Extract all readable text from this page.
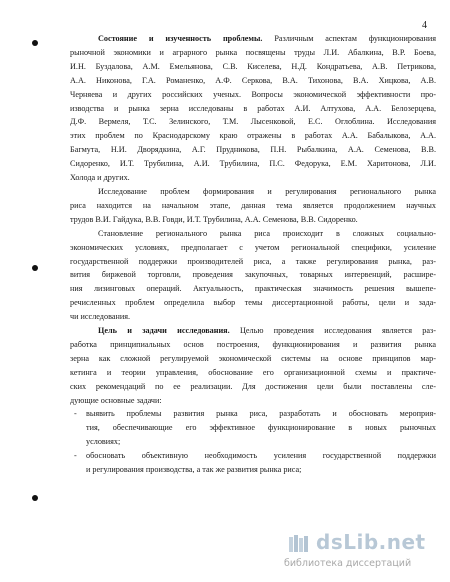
4
Состояние и изученность проблемы. Различным аспектам функционирования
рыночной экономики и аграрного рынка посвящены труды Л.И. Абалкина, В.Р. Боева,
И.Н. Буздалова, А.М. Емельянова, С.В. Киселева, Н.Д. Кондратьева, А.В. Петрикова,
А.А. Никонова, Г.А. Романенко, А.Ф. Серкова, В.А. Тихонова, В.А. Хицкова, А.В.
Черняева и других российских ученых. Вопросы экономической эффективности про-
изводства и рынка зерна исследованы в работах А.И. Алтухова, А.А. Белозерцева,
Д.Ф. Вермеля, Т.С. Зелинского, Т.М. Лысенковой, Е.С. Оглоблина. Исследования
этих проблем по Краснодарскому краю отражены в работах А.А. Бабалыкова, А.А.
Багмута, Н.И. Дворядкина, А.Г. Прудникова, П.Н. Рыбалкина, А.А. Семенова, В.В.
Сидоренко, И.Т. Трубилина, А.И. Трубилина, П.С. Федорука, Е.М. Харитонова, Л.И.
Холода и других.
Исследование проблем формирования и регулирования регионального рынка
риса находится на начальном этапе, данная тема является продолжением научных
трудов В.И. Гайдука, В.В. Говди, И.Т. Трубилина, А.А. Семенова, В.В. Сидоренко.
Становление регионального рынка риса происходит в сложных социально-
экономических условиях, предполагает с учетом региональной специфики, усиление
государственной поддержки производителей риса, а также регулирования рынка, раз-
вития биржевой торговли, проведения закупочных, товарных интервенций, расшире-
ния лизинговых операций. Актуальность, практическая значимость решения вышепе-
речисленных проблем определила выбор темы диссертационной работы, цели и зада-
чи исследования.
Цель и задачи исследования. Целью проведения исследования является раз-
работка принципиальных основ построения, функционирования и развития рынка
зерна как сложной регулируемой экономической системы на основе принципов мар-
кетинга и теории управления, обоснование его организационной схемы и практиче-
ских рекомендаций по ее реализации. Для достижения цели были поставлены сле-
дующие основные задачи:
- выявить проблемы развития рынка риса, разработать и обосновать мероприя-
тия, обеспечивающие его эффективное функционирование в новых рыночных
условиях;
- обосновать объективную необходимость усиления государственной поддержки
и регулирования производства, а так же развития рынка риса;
dsLib.net
библиотека диссертаций
